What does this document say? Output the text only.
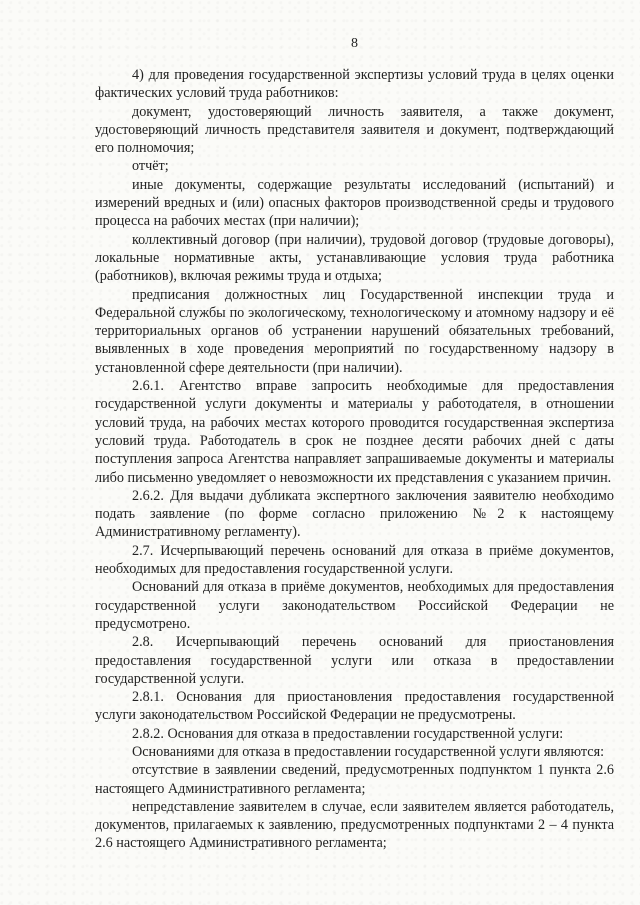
8

4) для проведения государственной экспертизы условий труда в целях оценки фактических условий труда работников:

документ, удостоверяющий личность заявителя, а также документ, удостоверяющий личность представителя заявителя и документ, подтверждающий его полномочия;

отчёт;

иные документы, содержащие результаты исследований (испытаний) и измерений вредных и (или) опасных факторов производственной среды и трудового процесса на рабочих местах (при наличии);

коллективный договор (при наличии), трудовой договор (трудовые договоры), локальные нормативные акты, устанавливающие условия труда работника (работников), включая режимы труда и отдыха;

предписания должностных лиц Государственной инспекции труда и Федеральной службы по экологическому, технологическому и атомному надзору и её территориальных органов об устранении нарушений обязательных требований, выявленных в ходе проведения мероприятий по государственному надзору в установленной сфере деятельности (при наличии).

2.6.1. Агентство вправе запросить необходимые для предоставления государственной услуги документы и материалы у работодателя, в отношении условий труда, на рабочих местах которого проводится государственная экспертиза условий труда. Работодатель в срок не позднее десяти рабочих дней с даты поступления запроса Агентства направляет запрашиваемые документы и материалы либо письменно уведомляет о невозможности их представления с указанием причин.

2.6.2. Для выдачи дубликата экспертного заключения заявителю необходимо подать заявление (по форме согласно приложению №2 к настоящему Административному регламенту).

2.7. Исчерпывающий перечень оснований для отказа в приёме документов, необходимых для предоставления государственной услуги.

Оснований для отказа в приёме документов, необходимых для предоставления государственной услуги законодательством Российской Федерации не предусмотрено.

2.8. Исчерпывающий перечень оснований для приостановления предоставления государственной услуги или отказа в предоставлении государственной услуги.

2.8.1. Основания для приостановления предоставления государственной услуги законодательством Российской Федерации не предусмотрены.

2.8.2. Основания для отказа в предоставлении государственной услуги:

Основаниями для отказа в предоставлении государственной услуги являются:

отсутствие в заявлении сведений, предусмотренных подпунктом 1 пункта 2.6 настоящего Административного регламента;

непредставление заявителем в случае, если заявителем является работодатель, документов, прилагаемых к заявлению, предусмотренных подпунктами 2 – 4 пункта 2.6 настоящего Административного регламента;
